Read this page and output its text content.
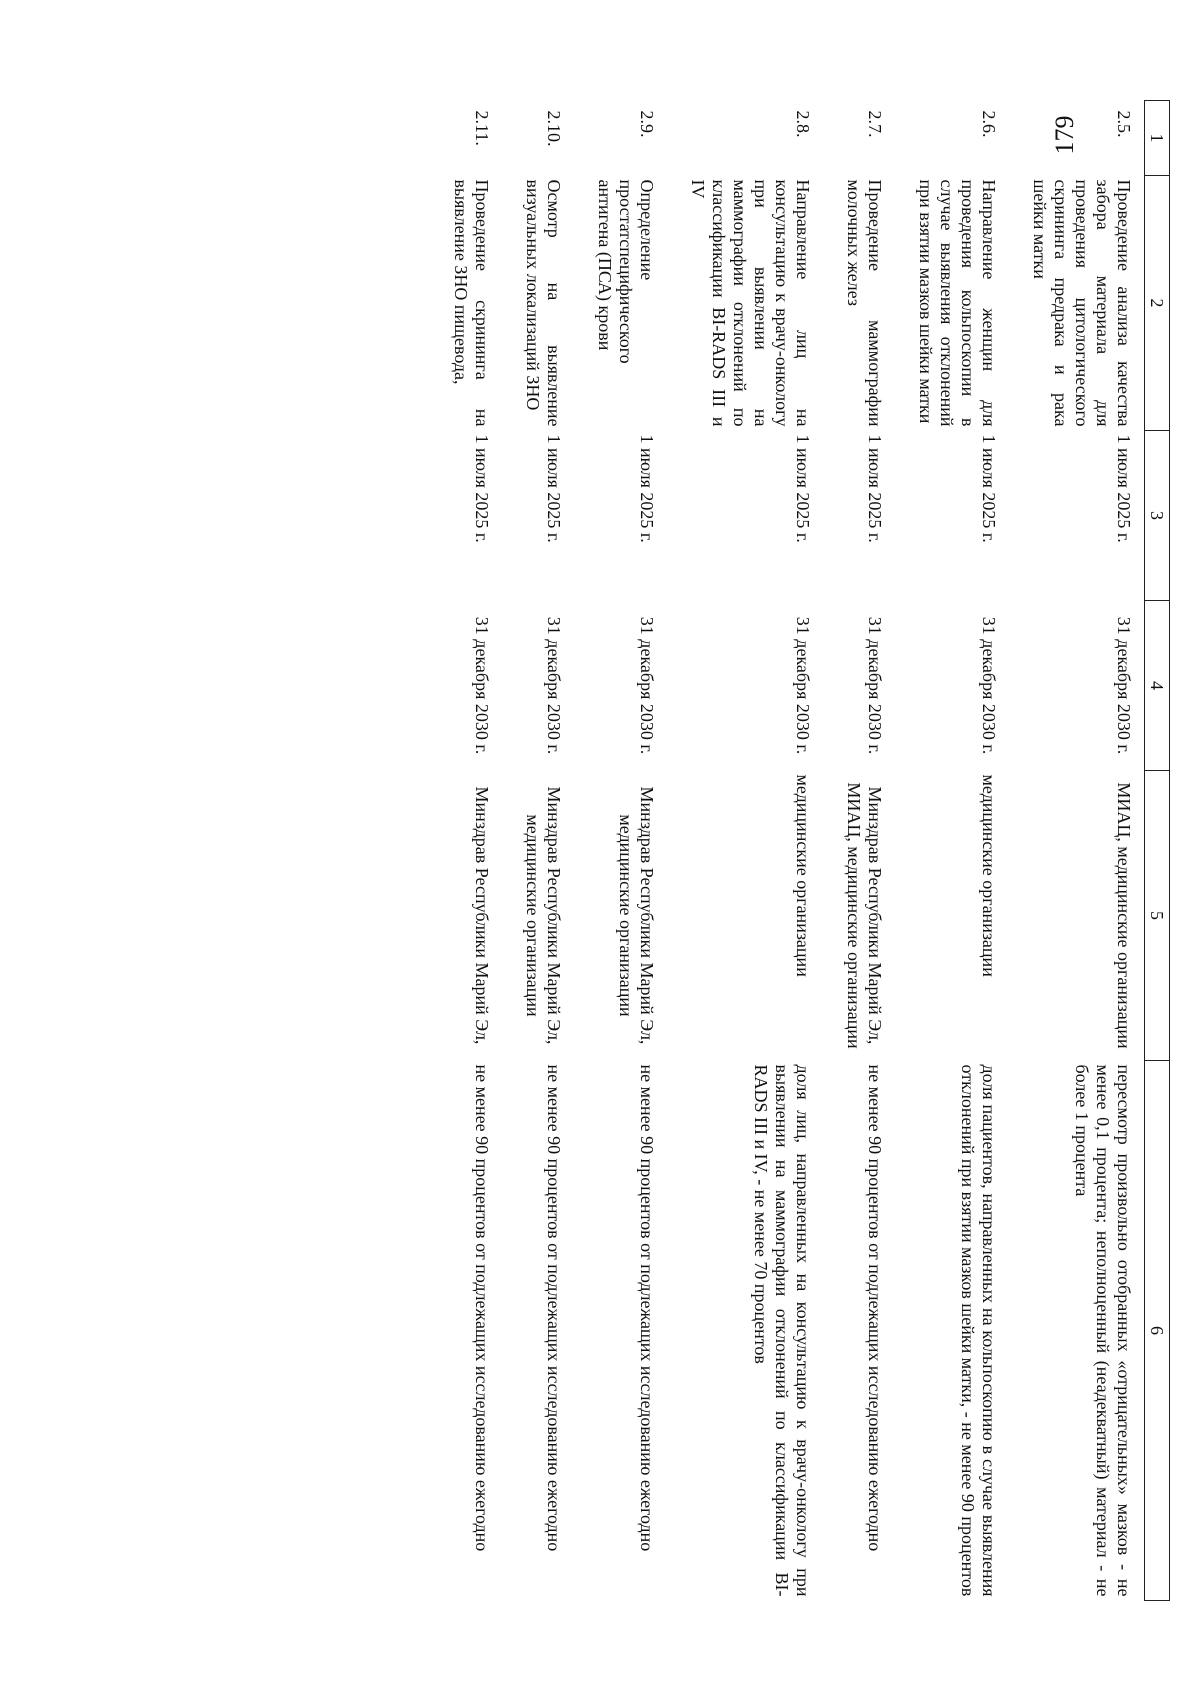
179	1	2	3	4	5	6
2.5.	Проведение анализа качества забора материала для проведения цитологического скрининга предрака и рака шейки матки	1 июля 2025 г.	31 декабря 2030 г.	МИАЦ, медицинские организации	пересмотр произвольно отобранных «отрицательных» мазков - не менее 0,1 процента; неполноценный (неадекватный) материал - не более 1 процента
2.6.	Направление женщин для проведения кольпоскопии в случае выявления отклонений при взятии мазков шейки матки	1 июля 2025 г.	31 декабря 2030 г.	медицинские организации	доля пациентов, направленных на кольпоскопию в случае выявления отклонений при взятии мазков шейки матки, - не менее 90 процентов
2.7.	Проведение маммографии молочных желез	1 июля 2025 г.	31 декабря 2030 г.	Минздрав Республики Марий Эл, МИАЦ, медицинские организации	не менее 90 процентов от подлежащих исследованию ежегодно
2.8.	Направление лиц на консультацию к врачу-онкологу при выявлении на маммографии отклонений по классификации BI-RADS III и IV	1 июля 2025 г.	31 декабря 2030 г.	медицинские организации	доля лиц, направленных на консультацию к врачу-онкологу при выявлении на маммографии отклонений по классификации BI-RADS III и IV, - не менее 70 процентов
2.9.	Определение простатспецифического антигена (ПСА) крови	1 июля 2025 г.	31 декабря 2030 г.	Минздрав Республики Марий Эл, медицинские организации	не менее 90 процентов от подлежащих исследованию ежегодно
2.10.	Осмотр на выявление визуальных локализаций ЗНО	1 июля 2025 г.	31 декабря 2030 г.	Минздрав Республики Марий Эл, медицинские организации	не менее 90 процентов от подлежащих исследованию ежегодно
2.11.	Проведение скрининга на выявление ЗНО пищевода,	1 июля 2025 г.	31 декабря 2030 г.	Минздрав Республики Марий Эл,	не менее 90 процентов от подлежащих исследованию ежегодно
